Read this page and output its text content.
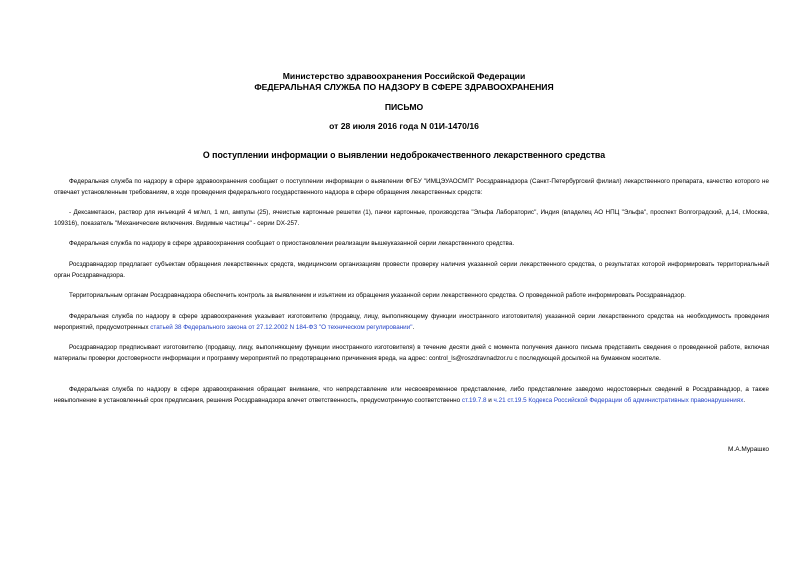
Министерство здравоохранения Российской Федерации
ФЕДЕРАЛЬНАЯ СЛУЖБА ПО НАДЗОРУ В СФЕРЕ ЗДРАВООХРАНЕНИЯ
ПИСЬМО
от 28 июля 2016 года N 01И-1470/16
О поступлении информации о выявлении недоброкачественного лекарственного средства

Федеральная служба по надзору в сфере здравоохранения сообщает о поступлении информации о выявлении ФГБУ "ИМЦЭУАОСМП" Росздравнадзора (Санкт-Петербургский филиал) лекарственного препарата, качество которого не отвечает установленным требованиям, в ходе проведения федерального государственного надзора в сфере обращения лекарственных средств:

- Дексаметазон, раствор для инъекций 4 мг/мл, 1 мл, ампулы (25), ячеистые картонные решетки (1), пачки картонные, производства "Эльфа Лабораторис", Индия (владелец АО НПЦ "Эльфа", проспект Волгоградский, д.14, г.Москва, 109316), показатель "Механические включения. Видимые частицы" - серии DX-257.

Федеральная служба по надзору в сфере здравоохранения сообщает о приостановлении реализации вышеуказанной серии лекарственного средства.

Росздравнадзор предлагает субъектам обращения лекарственных средств, медицинским организациям провести проверку наличия указанной серии лекарственного средства, о результатах которой информировать территориальный орган Росздравнадзора.

Территориальным органам Росздравнадзора обеспечить контроль за выявлением и изъятием из обращения указанной серии лекарственного средства. О проведенной работе информировать Росздравнадзор.

Федеральная служба по надзору в сфере здравоохранения указывает изготовителю (продавцу, лицу, выполняющему функции иностранного изготовителя) указанной серии лекарственного средства на необходимость проведения мероприятий, предусмотренных статьей 38 Федерального закона от 27.12.2002 N 184-ФЗ "О техническом регулировании".

Росздравнадзор предписывает изготовителю (продавцу, лицу, выполняющему функции иностранного изготовителя) в течение десяти дней с момента получения данного письма представить сведения о проведенной работе, включая материалы проверки достоверности информации и программу мероприятий по предотвращению причинения вреда, на адрес: control_ls@roszdravnadzor.ru с последующей досылкой на бумажном носителе.

Федеральная служба по надзору в сфере здравоохранения обращает внимание, что непредставление или несвоевременное представление, либо представление заведомо недостоверных сведений в Росздравнадзор, а также невыполнение в установленный срок предписания, решения Росздравнадзора влечет ответственность, предусмотренную соответственно ст.19.7.8 и ч.21 ст.19.5 Кодекса Российской Федерации об административных правонарушениях.

М.А.Мурашко
